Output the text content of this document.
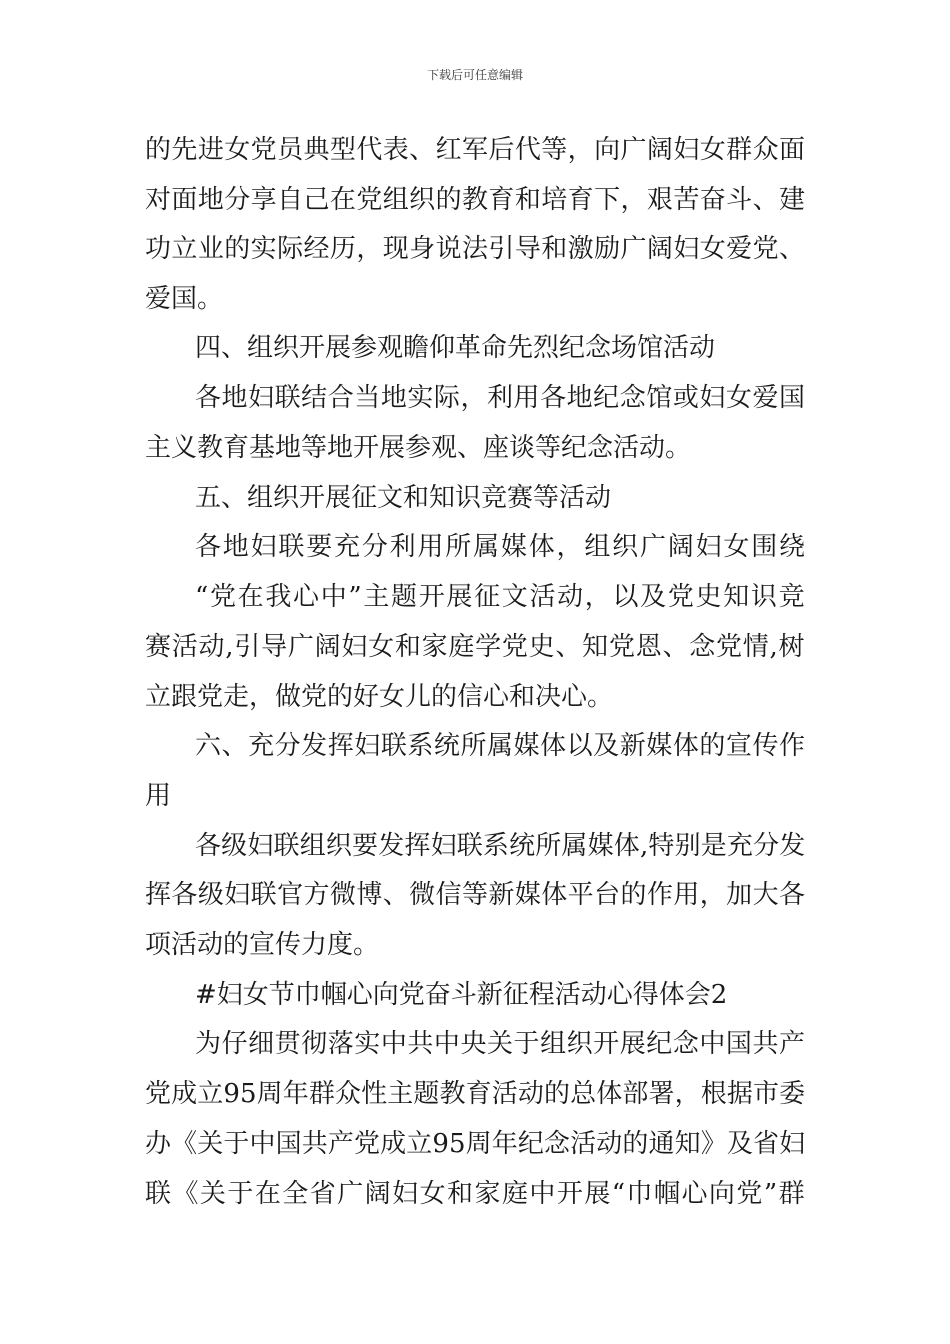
下载后可任意编辑
的先进女党员典型代表、红军后代等，向广阔妇女群众面
对面地分享自己在党组织的教育和培育下，艰苦奋斗、建
功立业的实际经历，现身说法引导和激励广阔妇女爱党、
爱国。
四、组织开展参观瞻仰革命先烈纪念场馆活动
各地妇联结合当地实际，利用各地纪念馆或妇女爱国
主义教育基地等地开展参观、座谈等纪念活动。
五、组织开展征文和知识竞赛等活动
各地妇联要充分利用所属媒体，组织广阔妇女围绕
“党在我心中”主题开展征文活动，以及党史知识竞
赛活动,引导广阔妇女和家庭学党史、知党恩、念党情,树
立跟党走，做党的好女儿的信心和决心。
六、充分发挥妇联系统所属媒体以及新媒体的宣传作
用
各级妇联组织要发挥妇联系统所属媒体,特别是充分发
挥各级妇联官方微博、微信等新媒体平台的作用，加大各
项活动的宣传力度。
#妇女节巾帼心向党奋斗新征程活动心得体会2
为仔细贯彻落实中共中央关于组织开展纪念中国共产
党成立95周年群众性主题教育活动的总体部署，根据市委
办《关于中国共产党成立95周年纪念活动的通知》及省妇
联《关于在全省广阔妇女和家庭中开展“巾帼心向党”群
